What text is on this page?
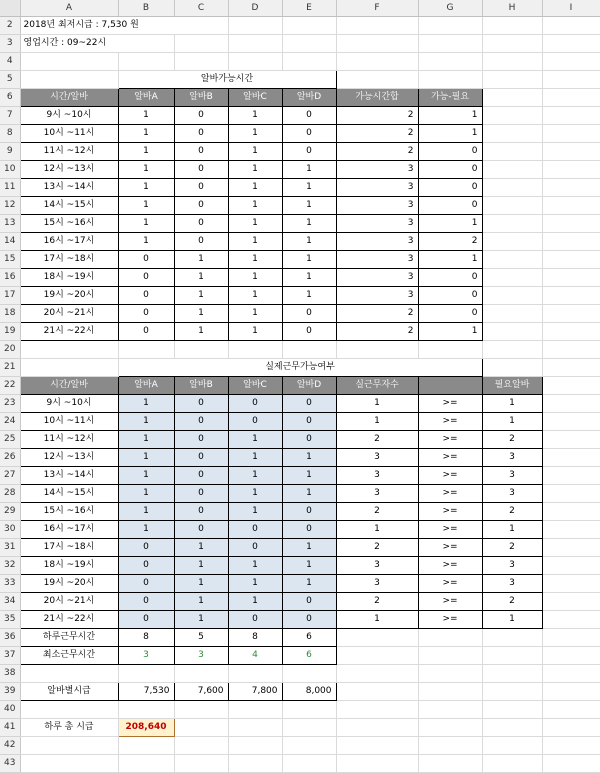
	A	B	C	D	E	F	G	H	I
2	2018년 최저시급 : 7,530 원								
3	영업시간 : 09~22시								
4									
5		알바가능시간							
6	시간/알바	알바A	알바B	알바C	알바D	가능시간합	가능-필요		
7	9시 ~10시	1	0	1	0	2	1		
8	10시 ~11시	1	0	1	0	2	1		
9	11시 ~12시	1	0	1	0	2	0		
10	12시 ~13시	1	0	1	1	3	0		
11	13시 ~14시	1	0	1	1	3	0		
12	14시 ~15시	1	0	1	1	3	0		
13	15시 ~16시	1	0	1	1	3	1		
14	16시 ~17시	1	0	1	1	3	2		
15	17시 ~18시	0	1	1	1	3	1		
16	18시 ~19시	0	1	1	1	3	0		
17	19시 ~20시	0	1	1	1	3	0		
18	20시 ~21시	0	1	1	0	2	0		
19	21시 ~22시	0	1	1	0	2	1		
20									
21		실제근무가능여부							
22	시간/알바	알바A	알바B	알바C	알바D	실근무자수		필요알바	
23	9시 ~10시	1	0	0	0	1	>=	1	
24	10시 ~11시	1	0	0	0	1	>=	1	
25	11시 ~12시	1	0	1	0	2	>=	2	
26	12시 ~13시	1	0	1	1	3	>=	3	
27	13시 ~14시	1	0	1	1	3	>=	3	
28	14시 ~15시	1	0	1	1	3	>=	3	
29	15시 ~16시	1	0	1	0	2	>=	2	
30	16시 ~17시	1	0	0	0	1	>=	1	
31	17시 ~18시	0	1	0	1	2	>=	2	
32	18시 ~19시	0	1	1	1	3	>=	3	
33	19시 ~20시	0	1	1	1	3	>=	3	
34	20시 ~21시	0	1	1	0	2	>=	2	
35	21시 ~22시	0	1	0	0	1	>=	1	
36	하루근무시간	8	5	8	6				
37	최소근무시간	3	3	4	6				
38									
39	알바별시급	7,530	7,600	7,800	8,000				
40									
41	하루 총 시급	208,640							
42									
43									
